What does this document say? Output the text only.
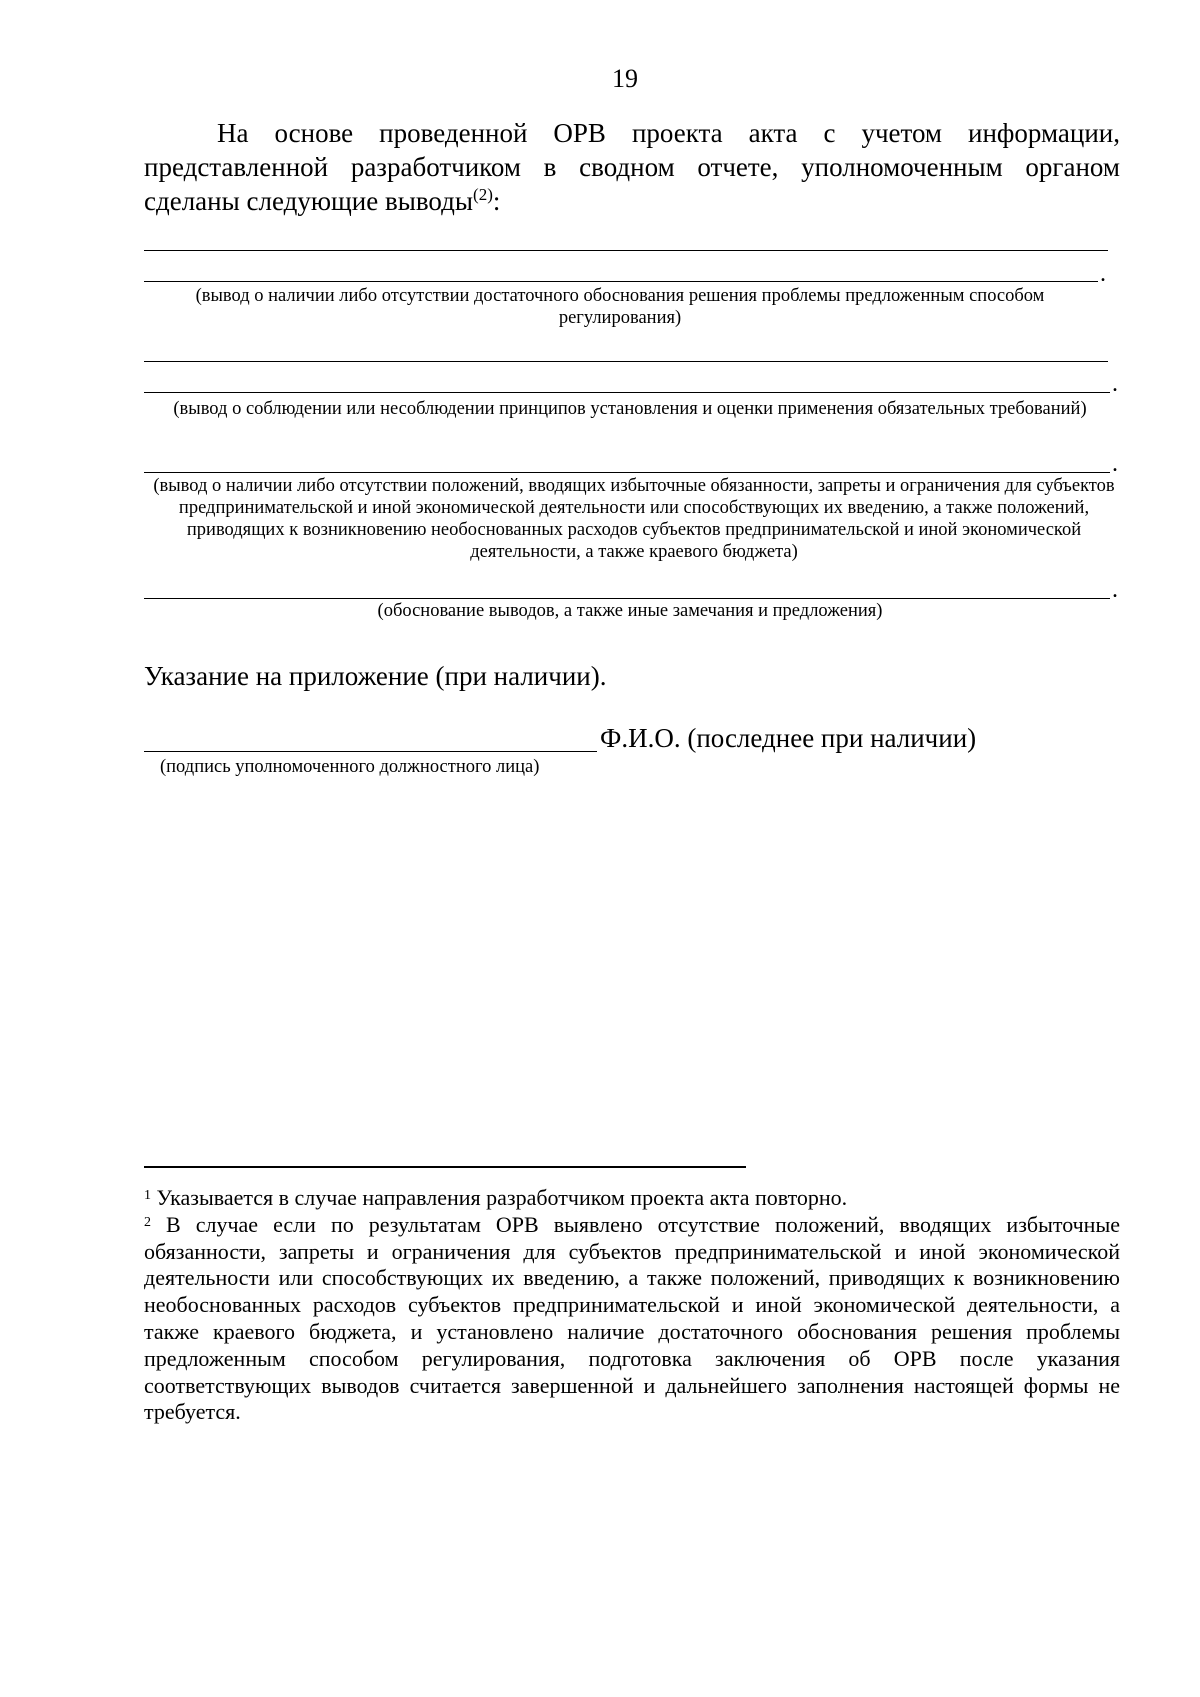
19
На основе проведенной ОРВ проекта акта с учетом информации, представленной разработчиком в сводном отчете, уполномоченным органом сделаны следующие выводы$^{(2)}$:
.
(вывод о наличии либо отсутствии достаточного обоснования решения проблемы предложенным способом регулирования)
.
(вывод о соблюдении или несоблюдении принципов установления и оценки применения обязательных требований)
.
(вывод о наличии либо отсутствии положений, вводящих избыточные обязанности, запреты и ограничения для субъектов предпринимательской и иной экономической деятельности или способствующих их введению, а также положений, приводящих к возникновению необоснованных расходов субъектов предпринимательской и иной экономической деятельности, а также краевого бюджета)
.
(обоснование выводов, а также иные замечания и предложения)
Указание на приложение (при наличии).
Ф.И.О. (последнее при наличии)
(подпись уполномоченного должностного лица)

$^1$ Указывается в случае направления разработчиком проекта акта повторно.

$^2$ В случае если по результатам ОРВ выявлено отсутствие положений, вводящих избыточные обязанности, запреты и ограничения для субъектов предпринимательской и иной экономической деятельности или способствующих их введению, а также положений, приводящих к возникновению необоснованных расходов субъектов предпринимательской и иной экономической деятельности, а также краевого бюджета, и установлено наличие достаточного обоснования решения проблемы предложенным способом регулирования, подготовка заключения об ОРВ после указания соответствующих выводов считается завершенной и дальнейшего заполнения настоящей формы не требуется.
